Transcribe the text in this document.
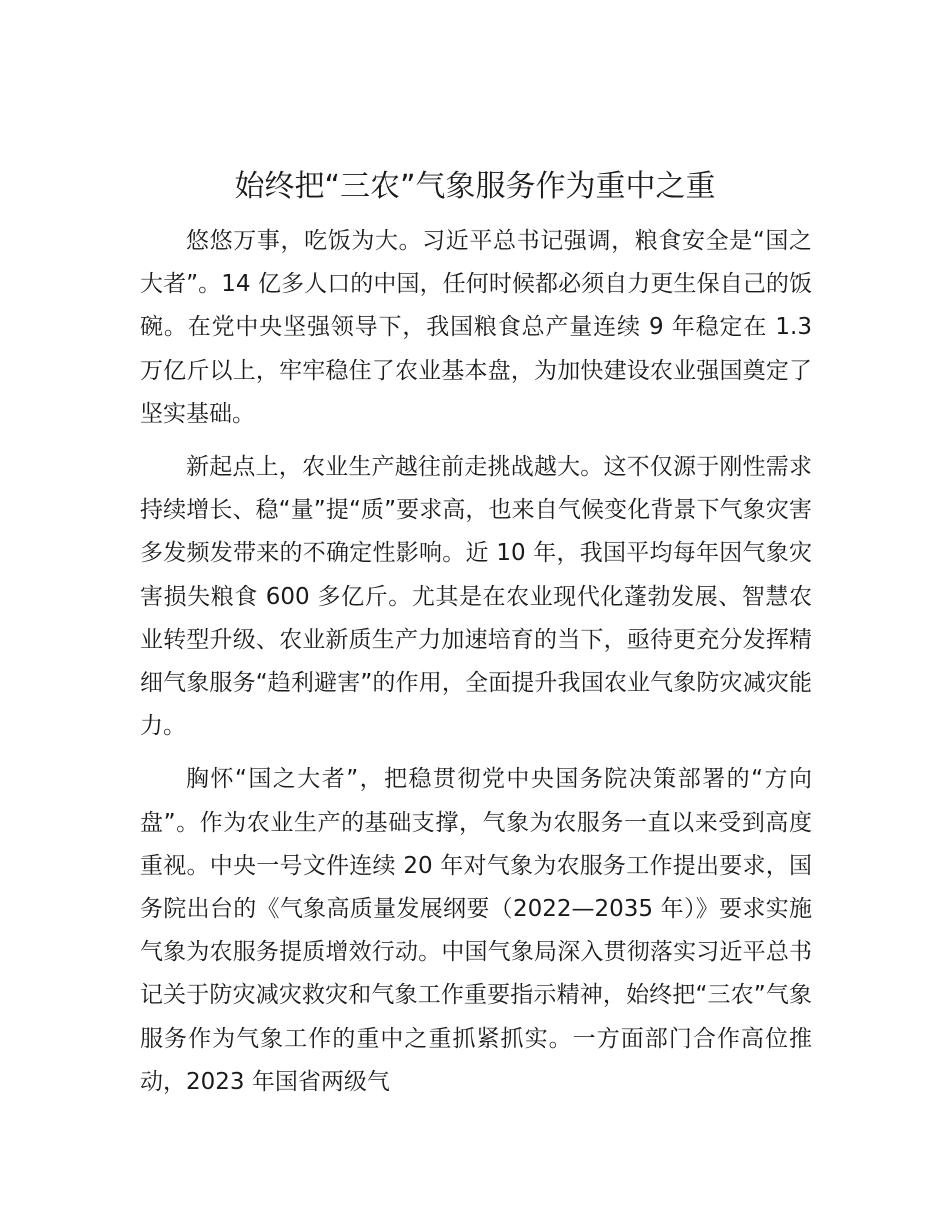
始终把“三农”气象服务作为重中之重

悠悠万事，吃饭为大。习近平总书记强调，粮食安全是“国之大者”。14 亿多人口的中国，任何时候都必须自力更生保自己的饭碗。在党中央坚强领导下，我国粮食总产量连续 9 年稳定在 1.3 万亿斤以上，牢牢稳住了农业基本盘，为加快建设农业强国奠定了坚实基础。

新起点上，农业生产越往前走挑战越大。这不仅源于刚性需求持续增长、稳“量”提“质”要求高，也来自气候变化背景下气象灾害多发频发带来的不确定性影响。近 10 年，我国平均每年因气象灾害损失粮食 600 多亿斤。尤其是在农业现代化蓬勃发展、智慧农业转型升级、农业新质生产力加速培育的当下，亟待更充分发挥精细气象服务“趋利避害”的作用，全面提升我国农业气象防灾减灾能力。

胸怀“国之大者”，把稳贯彻党中央国务院决策部署的“方向盘”。作为农业生产的基础支撑，气象为农服务一直以来受到高度重视。中央一号文件连续 20 年对气象为农服务工作提出要求，国务院出台的《气象高质量发展纲要（2022—2035 年）》要求实施气象为农服务提质增效行动。中国气象局深入贯彻落实习近平总书记关于防灾减灾救灾和气象工作重要指示精神，始终把“三农”气象服务作为气象工作的重中之重抓紧抓实。一方面部门合作高位推动，2023 年国省两级气
